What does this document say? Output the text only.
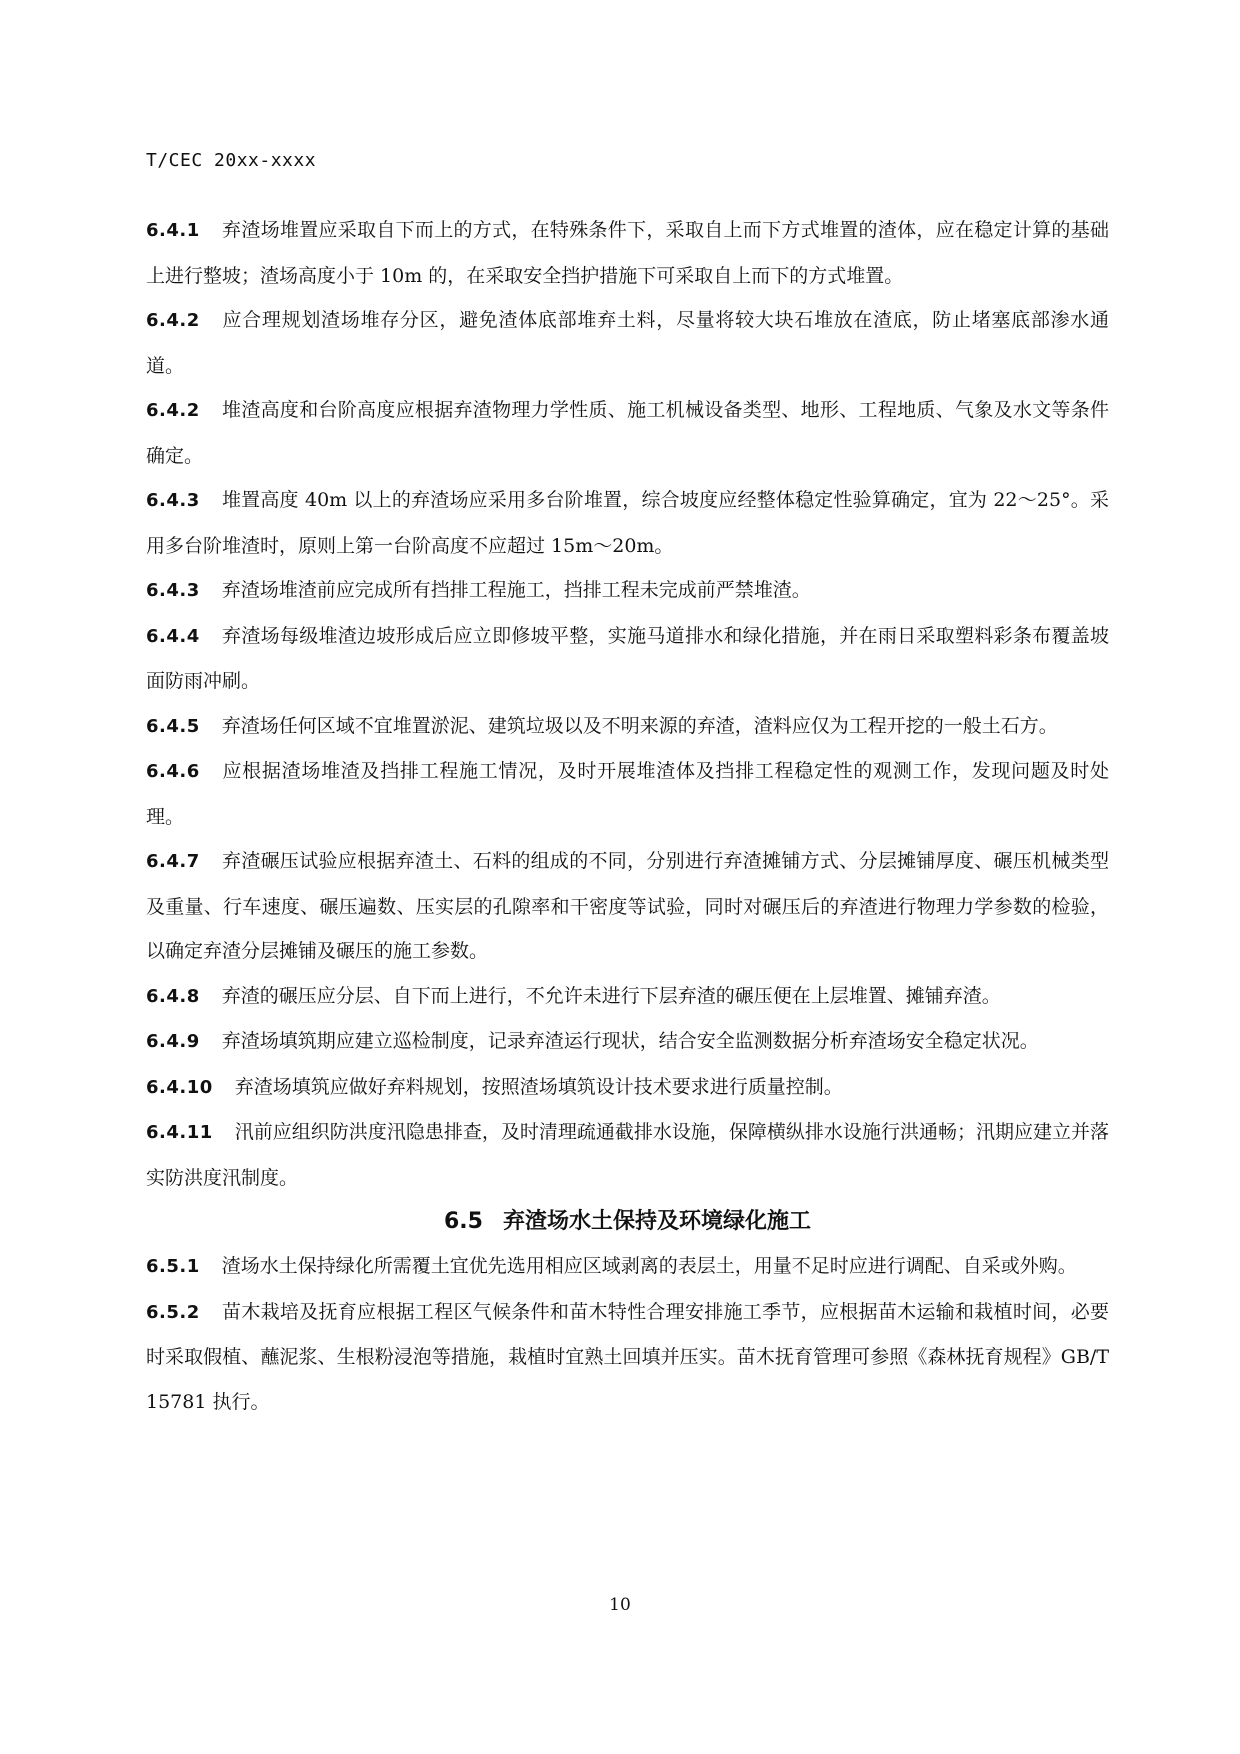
T/CEC 20xx-xxxx

6.4.1 弃渣场堆置应采取自下而上的方式，在特殊条件下，采取自上而下方式堆置的渣体，应在稳定计算的基础上进行整坡；渣场高度小于 10m 的，在采取安全挡护措施下可采取自上而下的方式堆置。

6.4.2 应合理规划渣场堆存分区，避免渣体底部堆弃土料，尽量将较大块石堆放在渣底，防止堵塞底部渗水通道。

6.4.2 堆渣高度和台阶高度应根据弃渣物理力学性质、施工机械设备类型、地形、工程地质、气象及水文等条件确定。

6.4.3 堆置高度 40m 以上的弃渣场应采用多台阶堆置，综合坡度应经整体稳定性验算确定，宜为 22～25°。采用多台阶堆渣时，原则上第一台阶高度不应超过 15m～20m。

6.4.3 弃渣场堆渣前应完成所有挡排工程施工，挡排工程未完成前严禁堆渣。

6.4.4 弃渣场每级堆渣边坡形成后应立即修坡平整，实施马道排水和绿化措施，并在雨日采取塑料彩条布覆盖坡面防雨冲刷。

6.4.5 弃渣场任何区域不宜堆置淤泥、建筑垃圾以及不明来源的弃渣，渣料应仅为工程开挖的一般土石方。

6.4.6 应根据渣场堆渣及挡排工程施工情况，及时开展堆渣体及挡排工程稳定性的观测工作，发现问题及时处理。

6.4.7 弃渣碾压试验应根据弃渣土、石料的组成的不同，分别进行弃渣摊铺方式、分层摊铺厚度、碾压机械类型及重量、行车速度、碾压遍数、压实层的孔隙率和干密度等试验，同时对碾压后的弃渣进行物理力学参数的检验，以确定弃渣分层摊铺及碾压的施工参数。

6.4.8 弃渣的碾压应分层、自下而上进行，不允许未进行下层弃渣的碾压便在上层堆置、摊铺弃渣。

6.4.9 弃渣场填筑期应建立巡检制度，记录弃渣运行现状，结合安全监测数据分析弃渣场安全稳定状况。

6.4.10 弃渣场填筑应做好弃料规划，按照渣场填筑设计技术要求进行质量控制。

6.4.11 汛前应组织防洪度汛隐患排查，及时清理疏通截排水设施，保障横纵排水设施行洪通畅；汛期应建立并落实防洪度汛制度。

6.5 弃渣场水土保持及环境绿化施工

6.5.1 渣场水土保持绿化所需覆土宜优先选用相应区域剥离的表层土，用量不足时应进行调配、自采或外购。

6.5.2 苗木栽培及抚育应根据工程区气候条件和苗木特性合理安排施工季节，应根据苗木运输和栽植时间，必要时采取假植、蘸泥浆、生根粉浸泡等措施，栽植时宜熟土回填并压实。苗木抚育管理可参照《森林抚育规程》GB/T 15781 执行。

10
